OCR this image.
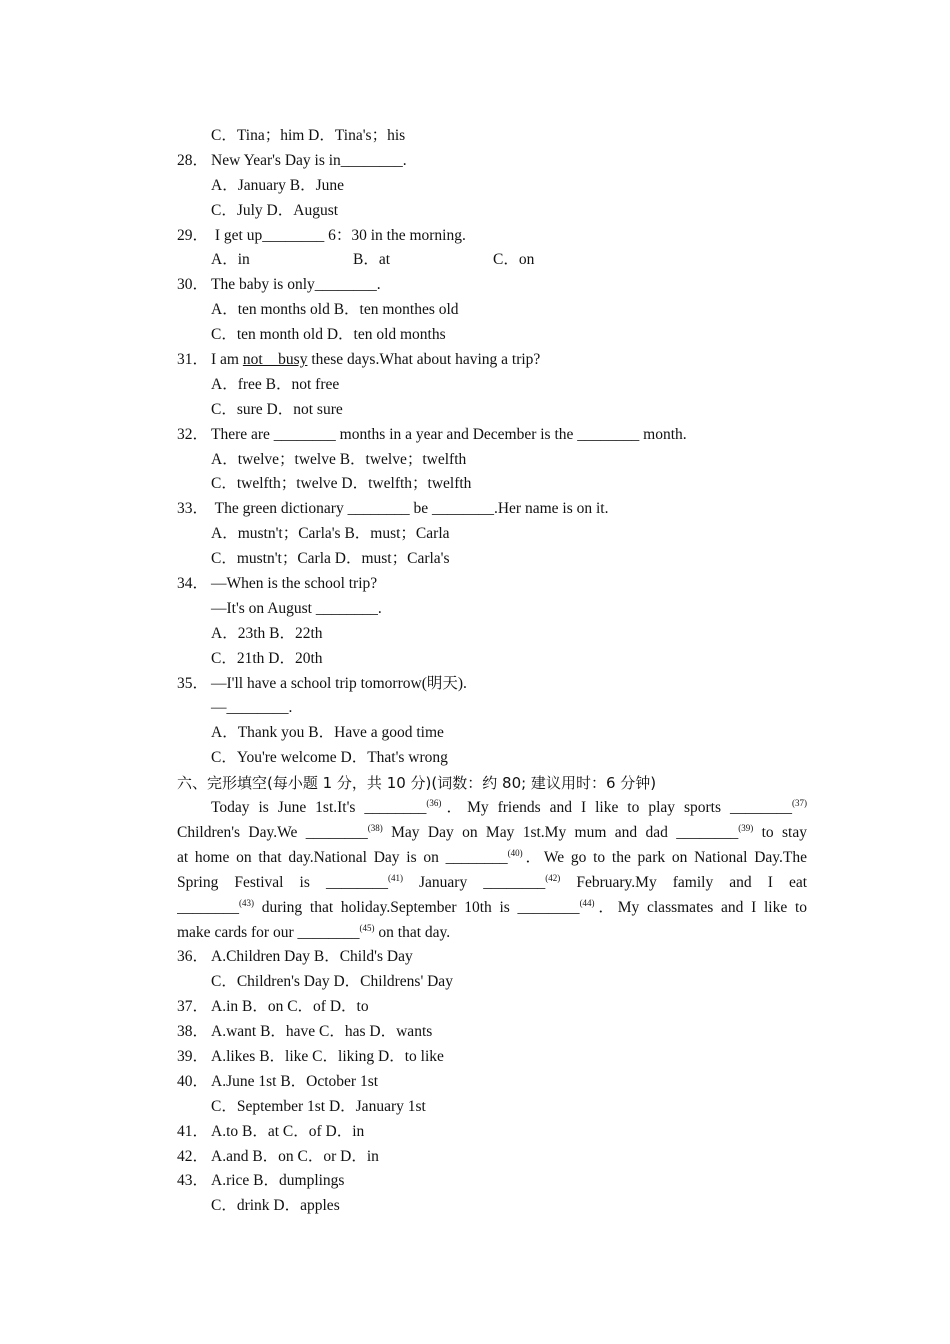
C．Tina；him D．Tina's；his
28． New Year's Day is in________.
A．January B．June
C．July D．August
29． I get up________ 6：30 in the morning.
A．in	B．at	C．on
30． The baby is only________.
A．ten months old B．ten monthes old
C．ten month old D．ten old months
31． I am not    busy these days.What about having a trip?
A．free B．not free
C．sure D．not sure
32． There are ________ months in a year and December is the ________ month.
A．twelve；twelve B．twelve；twelfth
C．twelfth；twelve D．twelfth；twelfth
33． The green dictionary ________ be ________.Her name is on it.
A．mustn't；Carla's B．must；Carla
C．mustn't；Carla D．must；Carla's
34． —When is the school trip?
—It's on August ________.
A．23th B．22th
C．21th D．20th
35． —I'll have a school trip tomorrow(明天).
—________.
A．Thank you B．Have a good time
C．You're welcome D．That's wrong
六、完形填空(每小题 1 分，共 10 分)(词数：约 80; 建议用时：6 分钟)
Today is June 1st.It's ________$^{(36)}$．My friends and I like to play sports ________$^{(37)}$
Children's Day.We ________$^{(38)}$ May Day on May 1st.My mum and dad ________$^{(39)}$ to stay
at home on that day.National Day is on ________$^{(40)}$．We go to the park on National Day.The
Spring Festival is ________$^{(41)}$ January ________$^{(42)}$ February.My family and I eat
________$^{(43)}$ during that holiday.September 10th is ________$^{(44)}$．My classmates and I like to
make cards for our ________$^{(45)}$ on that day.
36． A.Children Day B．Child's Day
C．Children's Day D．Childrens' Day
37． A.in B．on C．of D．to
38． A.want B．have C．has D．wants
39． A.likes B．like C．liking D．to like
40． A.June 1st B．October 1st
C．September 1st D．January 1st
41． A.to B．at C．of D．in
42． A.and B．on C．or D．in
43． A.rice B．dumplings
C．drink D．apples
